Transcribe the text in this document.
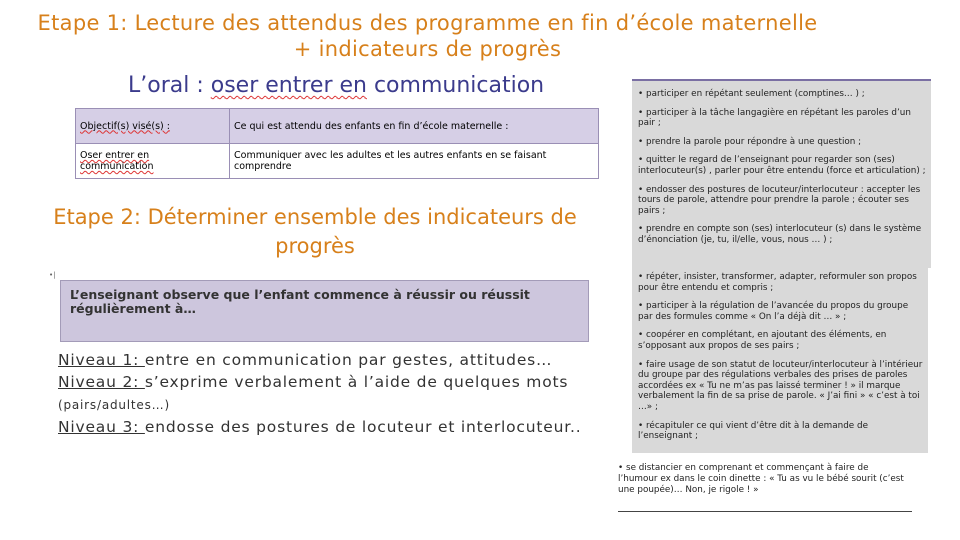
Etape 1: Lecture des attendus des programme en fin d’école maternelle
+ indicateurs de progrès
L’oral : oser entrer en communication
Objectif(s) visé(s) :	Ce qui est attendu des enfants en fin d’école maternelle :
Oser entrer en communication	Communiquer avec les adultes et les autres enfants en se faisant comprendre
Etape 2: Déterminer ensemble des indicateurs de
progrès
•|
L’enseignant observe que l’enfant commence à réussir ou réussit régulièrement à…
Niveau 1: entre en communication par gestes, attitudes…
Niveau 2: s’exprime verbalement à l’aide de quelques mots
(pairs/adultes…)
Niveau 3: endosse des postures de locuteur et interlocuteur..
• participer en répétant seulement (comptines… ) ;
• participer à la tâche langagière en répétant les paroles d’un pair ;
• prendre la parole pour répondre à une question ;
• quitter le regard de l’enseignant pour regarder son (ses) interlocuteur(s) , parler pour être entendu (force et articulation) ;
• endosser des postures de locuteur/interlocuteur : accepter les tours de parole, attendre pour prendre la parole ; écouter ses pairs ;
• prendre en compte son (ses) interlocuteur (s) dans le système d’énonciation (je, tu, il/elle, vous, nous … ) ;
• répéter, insister, transformer, adapter, reformuler son propos pour être entendu et compris ;
• participer à la régulation de l’avancée du propos du groupe par des formules comme « On l’a déjà dit … » ;
• coopérer en complétant, en ajoutant des éléments, en s’opposant aux propos de ses pairs ;
• faire usage de son statut de locuteur/interlocuteur à l’intérieur du groupe par des régulations verbales des prises de paroles accordées ex « Tu ne m’as pas laissé terminer ! » il marque verbalement la fin de sa prise de parole. « J’ai fini » « c’est à toi …» ;
• récapituler ce qui vient d’être dit à la demande de l’enseignant ;
• se distancier en comprenant et commençant à faire de l’humour ex dans le coin dinette : « Tu as vu le bébé sourit (c’est une poupée)… Non, je rigole ! »
